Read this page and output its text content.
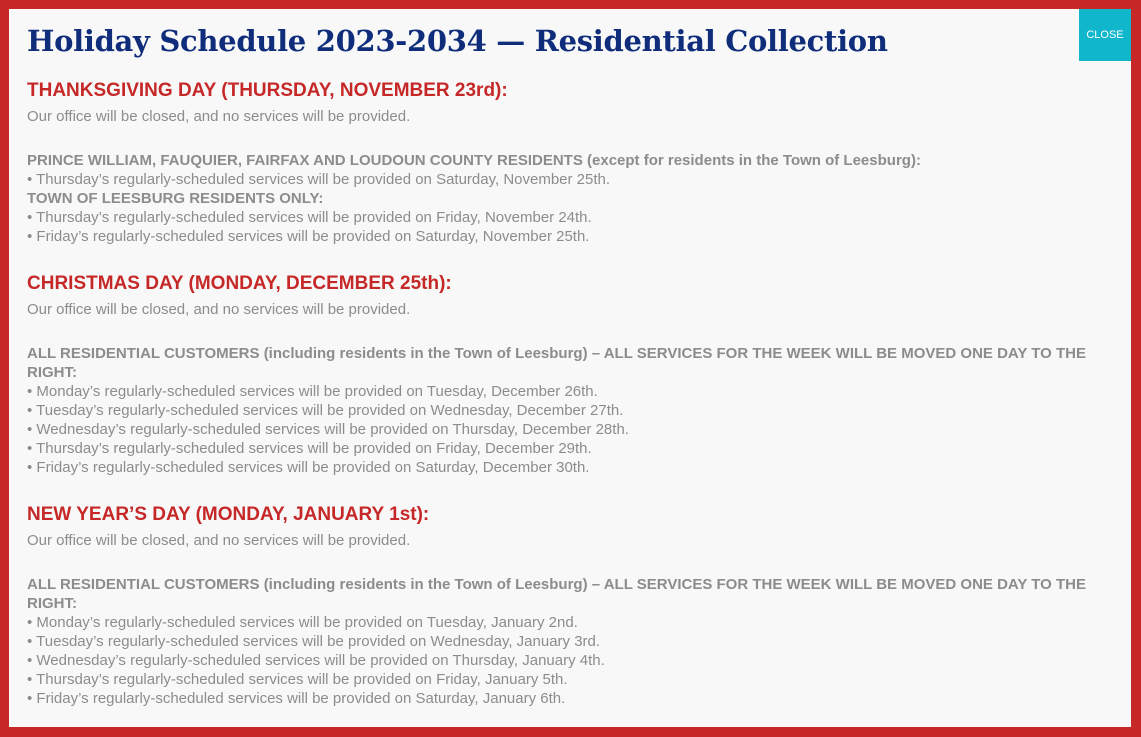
CLOSE
Holiday Schedule 2023-2034 — Residential Collection
THANKSGIVING DAY (THURSDAY, NOVEMBER 23rd):
Our office will be closed, and no services will be provided.
PRINCE WILLIAM, FAUQUIER, FAIRFAX AND LOUDOUN COUNTY RESIDENTS (except for residents in the Town of Leesburg):
• Thursday’s regularly-scheduled services will be provided on Saturday, November 25th.
TOWN OF LEESBURG RESIDENTS ONLY:
• Thursday’s regularly-scheduled services will be provided on Friday, November 24th.
• Friday’s regularly-scheduled services will be provided on Saturday, November 25th.
CHRISTMAS DAY (MONDAY, DECEMBER 25th):
Our office will be closed, and no services will be provided.
ALL RESIDENTIAL CUSTOMERS (including residents in the Town of Leesburg) – ALL SERVICES FOR THE WEEK WILL BE MOVED ONE DAY TO THE RIGHT:
• Monday’s regularly-scheduled services will be provided on Tuesday, December 26th.
• Tuesday’s regularly-scheduled services will be provided on Wednesday, December 27th.
• Wednesday’s regularly-scheduled services will be provided on Thursday, December 28th.
• Thursday’s regularly-scheduled services will be provided on Friday, December 29th.
• Friday’s regularly-scheduled services will be provided on Saturday, December 30th.
NEW YEAR’S DAY (MONDAY, JANUARY 1st):
Our office will be closed, and no services will be provided.
ALL RESIDENTIAL CUSTOMERS (including residents in the Town of Leesburg) – ALL SERVICES FOR THE WEEK WILL BE MOVED ONE DAY TO THE RIGHT:
• Monday’s regularly-scheduled services will be provided on Tuesday, January 2nd.
• Tuesday’s regularly-scheduled services will be provided on Wednesday, January 3rd.
• Wednesday’s regularly-scheduled services will be provided on Thursday, January 4th.
• Thursday’s regularly-scheduled services will be provided on Friday, January 5th.
• Friday’s regularly-scheduled services will be provided on Saturday, January 6th.
